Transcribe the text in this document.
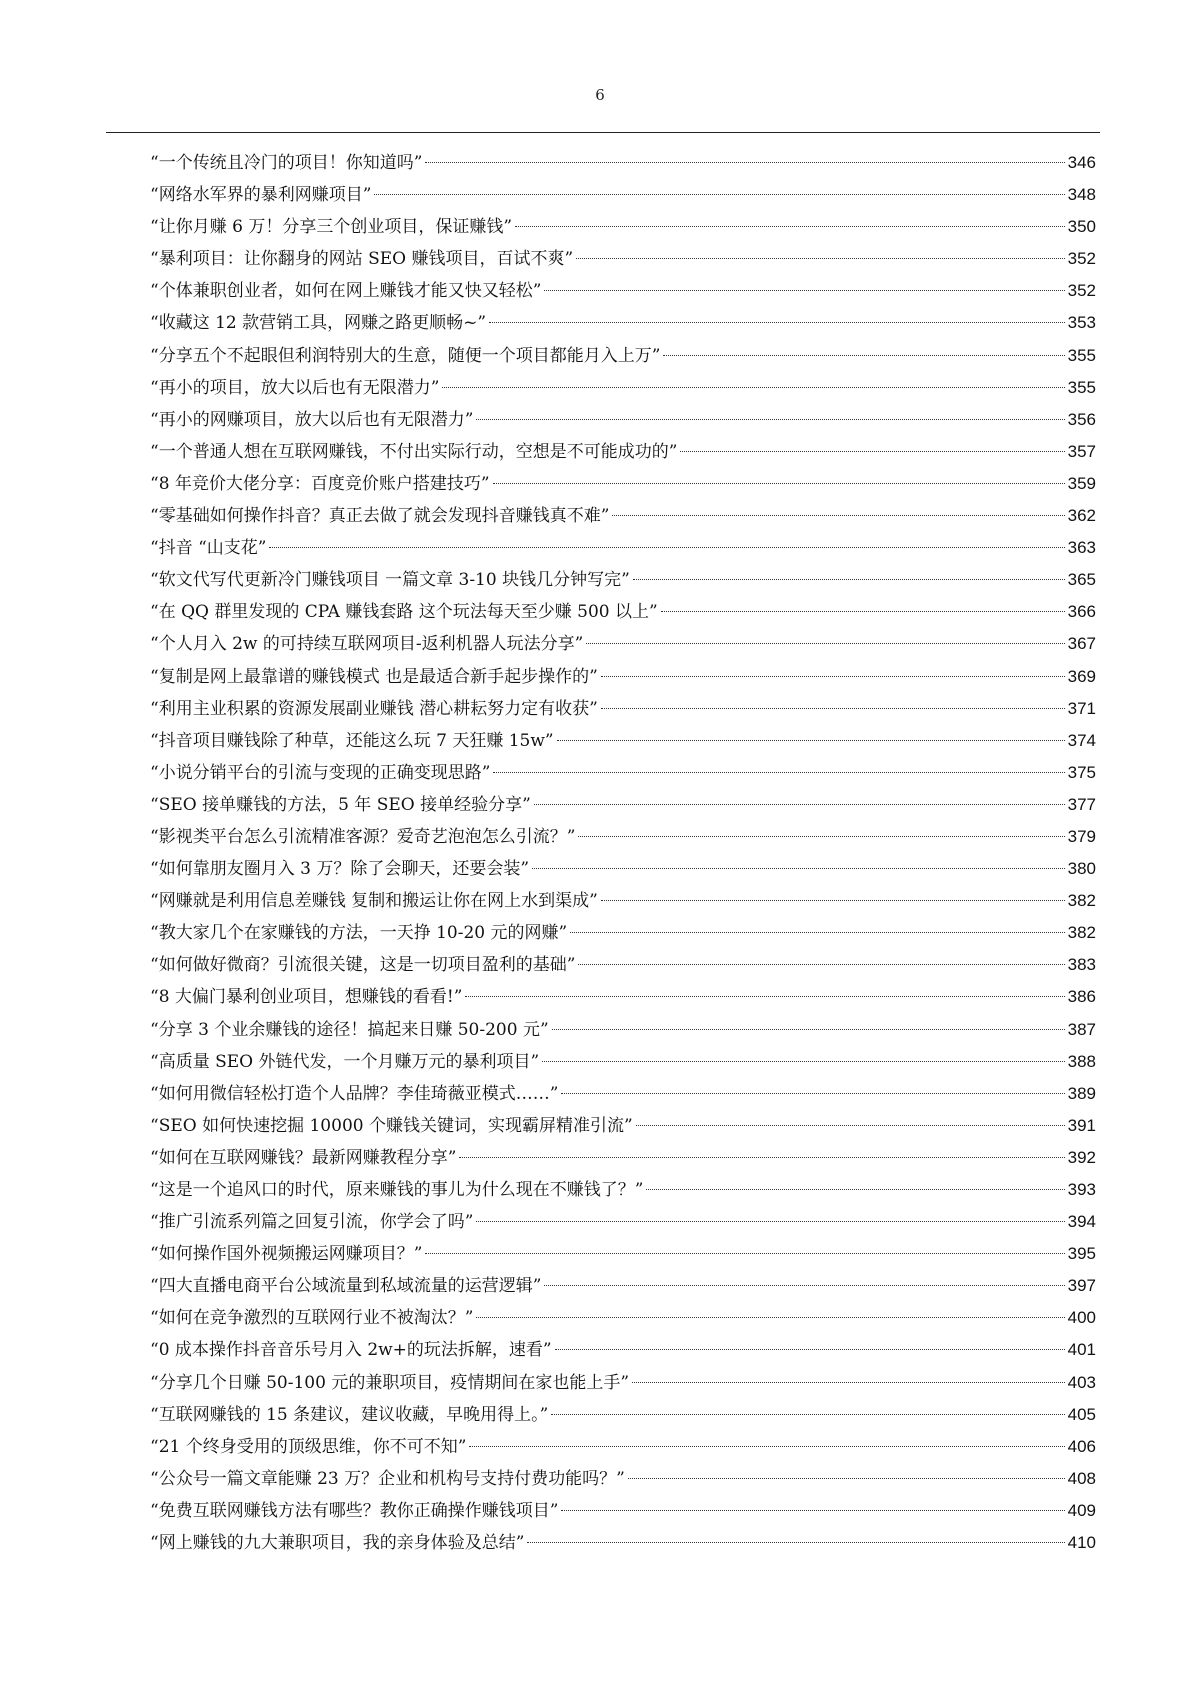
6
“一个传统且冷门的项目！你知道吗”	346
“网络水军界的暴利网赚项目”	348
“让你月赚 6 万！分享三个创业项目，保证赚钱”	350
“暴利项目：让你翻身的网站 SEO 赚钱项目，百试不爽”	352
“个体兼职创业者，如何在网上赚钱才能又快又轻松”	352
“收藏这 12 款营销工具，网赚之路更顺畅~”	353
“分享五个不起眼但利润特别大的生意，随便一个项目都能月入上万”	355
“再小的项目，放大以后也有无限潜力”	355
“再小的网赚项目，放大以后也有无限潜力”	356
“一个普通人想在互联网赚钱，不付出实际行动，空想是不可能成功的”	357
“8 年竞价大佬分享：百度竞价账户搭建技巧”	359
“零基础如何操作抖音？真正去做了就会发现抖音赚钱真不难”	362
“抖音 “山支花”	363
“软文代写代更新冷门赚钱项目 一篇文章 3-10 块钱几分钟写完”	365
“在 QQ 群里发现的 CPA 赚钱套路 这个玩法每天至少赚 500 以上”	366
“个人月入 2w 的可持续互联网项目-返利机器人玩法分享”	367
“复制是网上最靠谱的赚钱模式 也是最适合新手起步操作的”	369
“利用主业积累的资源发展副业赚钱 潜心耕耘努力定有收获”	371
“抖音项目赚钱除了种草，还能这么玩 7 天狂赚 15w”	374
“小说分销平台的引流与变现的正确变现思路”	375
“SEO 接单赚钱的方法，5 年 SEO 接单经验分享”	377
“影视类平台怎么引流精准客源？爱奇艺泡泡怎么引流？”	379
“如何靠朋友圈月入 3 万？除了会聊天，还要会装”	380
“网赚就是利用信息差赚钱 复制和搬运让你在网上水到渠成”	382
“教大家几个在家赚钱的方法，一天挣 10-20 元的网赚”	382
“如何做好微商？引流很关键，这是一切项目盈利的基础”	383
“8 大偏门暴利创业项目，想赚钱的看看!”	386
“分享 3 个业余赚钱的途径！搞起来日赚 50-200 元”	387
“高质量 SEO 外链代发，一个月赚万元的暴利项目”	388
“如何用微信轻松打造个人品牌？李佳琦薇亚模式……”	389
“SEO 如何快速挖掘 10000 个赚钱关键词，实现霸屏精准引流”	391
“如何在互联网赚钱？最新网赚教程分享”	392
“这是一个追风口的时代，原来赚钱的事儿为什么现在不赚钱了？”	393
“推广引流系列篇之回复引流，你学会了吗”	394
“如何操作国外视频搬运网赚项目？”	395
“四大直播电商平台公域流量到私域流量的运营逻辑”	397
“如何在竞争激烈的互联网行业不被淘汰？”	400
“0 成本操作抖音音乐号月入 2w+的玩法拆解，速看”	401
“分享几个日赚 50-100 元的兼职项目，疫情期间在家也能上手”	403
“互联网赚钱的 15 条建议，建议收藏，早晚用得上。”	405
“21 个终身受用的顶级思维，你不可不知”	406
“公众号一篇文章能赚 23 万？企业和机构号支持付费功能吗？”	408
“免费互联网赚钱方法有哪些？教你正确操作赚钱项目”	409
“网上赚钱的九大兼职项目，我的亲身体验及总结”	410
